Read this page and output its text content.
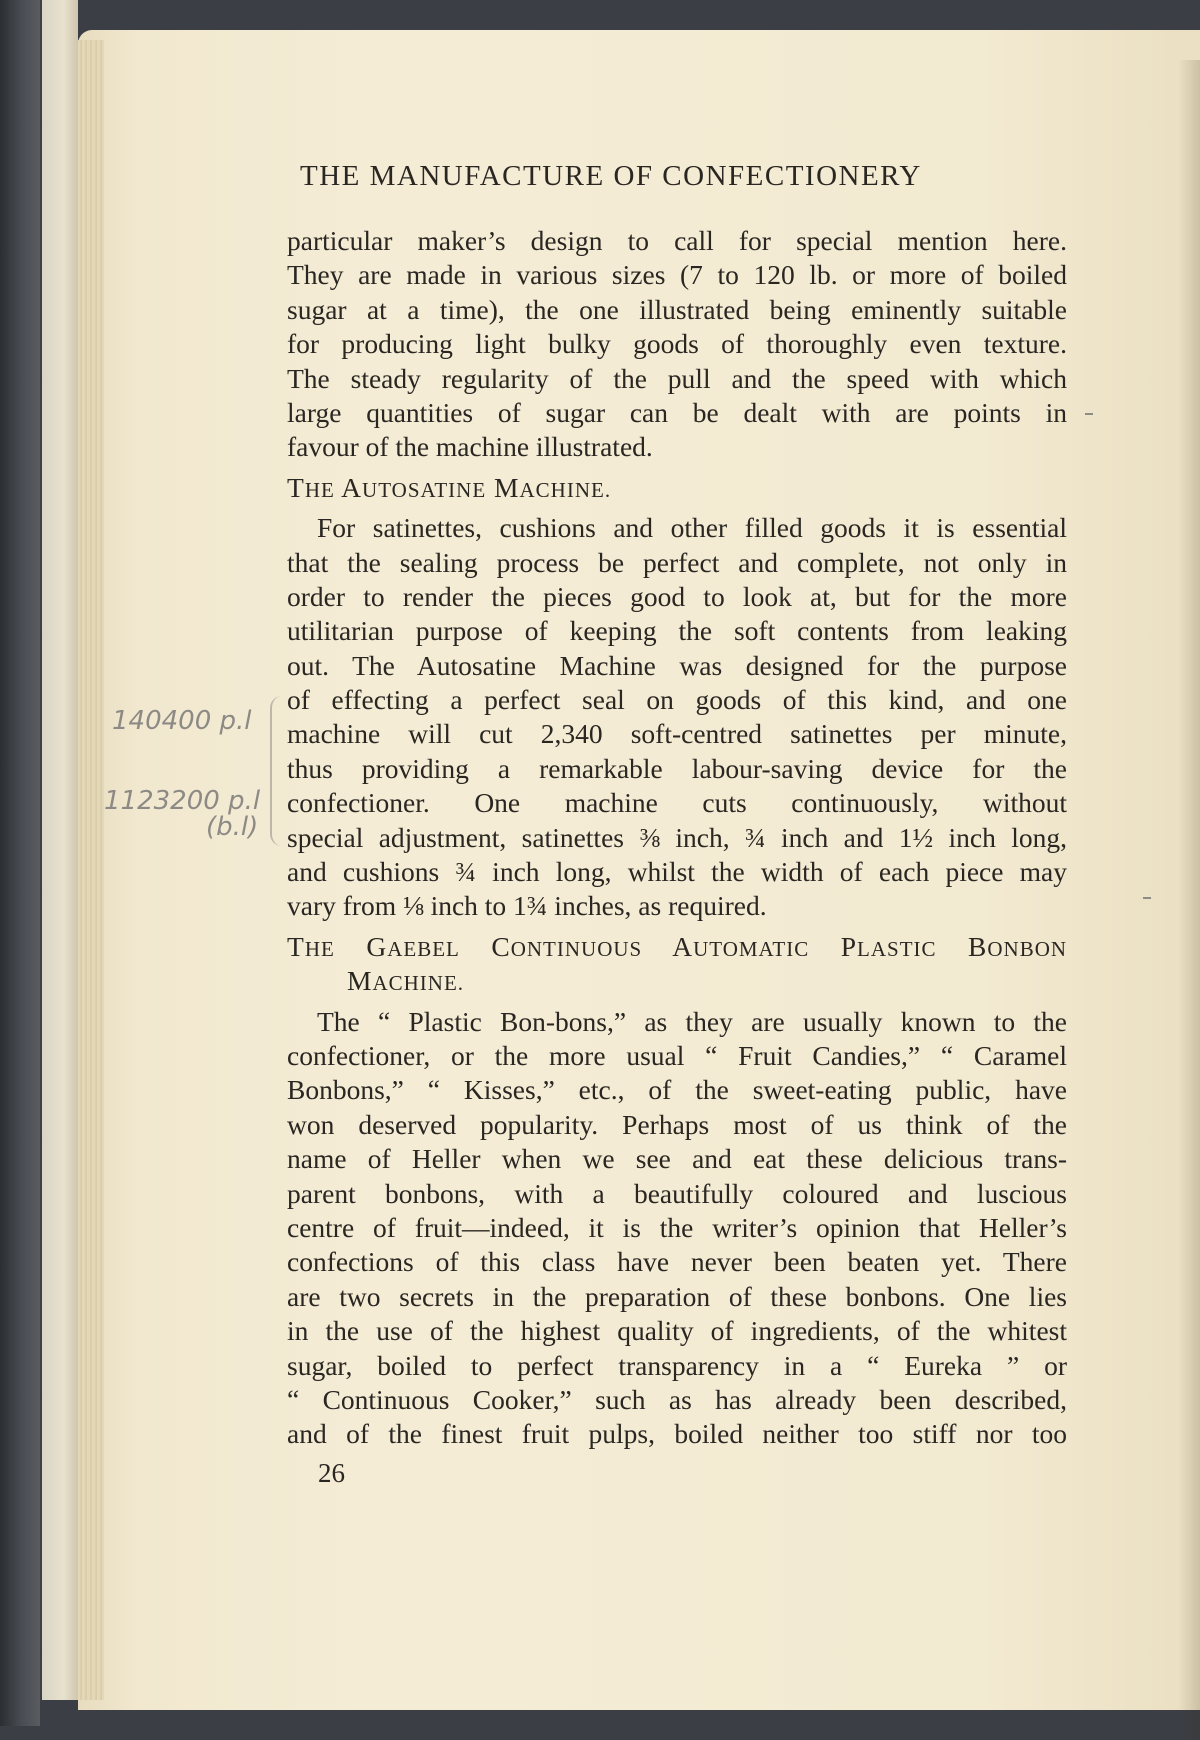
THE MANUFACTURE OF CONFECTIONERY
particular maker’s design to call for special mention here.
They are made in various sizes (7 to 120 lb. or more of boiled
sugar at a time), the one illustrated being eminently suitable
for producing light bulky goods of thoroughly even texture.
The steady regularity of the pull and the speed with which
large quantities of sugar can be dealt with are points in
favour of the machine illustrated.
THE AUTOSATINE MACHINE.
For satinettes, cushions and other filled goods it is essential
that the sealing process be perfect and complete, not only in
order to render the pieces good to look at, but for the more
utilitarian purpose of keeping the soft contents from leaking
out. The Autosatine Machine was designed for the purpose
of effecting a perfect seal on goods of this kind, and one
machine will cut 2,340 soft-centred satinettes per minute,
thus providing a remarkable labour-saving device for the
confectioner. One machine cuts continuously, without
special adjustment, satinettes ⅜ inch, ¾ inch and 1½ inch long,
and cushions ¾ inch long, whilst the width of each piece may
vary from ⅛ inch to 1¾ inches, as required.
THE GAEBEL CONTINUOUS AUTOMATIC PLASTIC BONBON
MACHINE.
The “ Plastic Bon-bons,” as they are usually known to the
confectioner, or the more usual “ Fruit Candies,” “ Caramel
Bonbons,” “ Kisses,” etc., of the sweet-eating public, have
won deserved popularity. Perhaps most of us think of the
name of Heller when we see and eat these delicious trans-
parent bonbons, with a beautifully coloured and luscious
centre of fruit—indeed, it is the writer’s opinion that Heller’s
confections of this class have never been beaten yet. There
are two secrets in the preparation of these bonbons. One lies
in the use of the highest quality of ingredients, of the whitest
sugar, boiled to perfect transparency in a “ Eureka ” or
“ Continuous Cooker,” such as has already been described,
and of the finest fruit pulps, boiled neither too stiff nor too
26
140400 p.l
1123200 p.l
(b.l)
